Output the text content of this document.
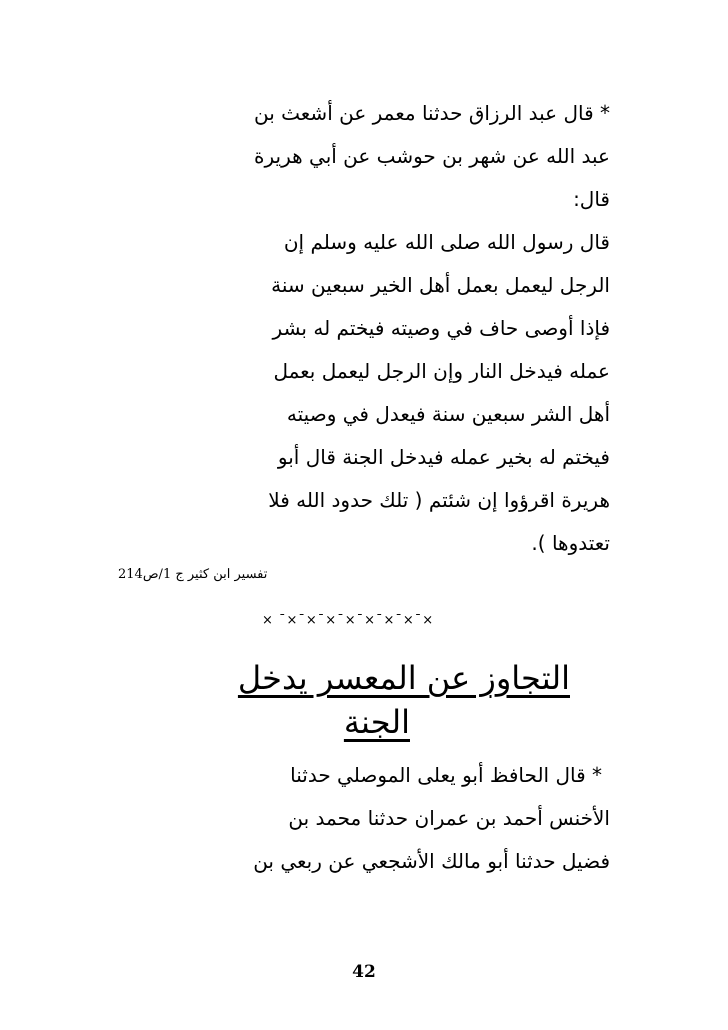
* قال عبد الرزاق حدثنا معمر عن أشعث بن
عبد الله عن شهر بن حوشب عن أبي هريرة
قال:
قال رسول الله صلى الله عليه وسلم إن
الرجل ليعمل بعمل أهل الخير سبعين سنة
فإذا أوصى حاف في وصيته فيختم له بشر
عمله فيدخل النار وإن الرجل ليعمل بعمل
أهل الشر سبعين سنة فيعدل في وصيته
فيختم له بخير عمله فيدخل الجنة قال أبو
هريرة اقرؤوا إن شئتم ( تلك حدود الله فلا
تعتدوها ).
تفسير ابن كثير ج 1/ص214
× ˉ×ˉ×ˉ×ˉ×ˉ×ˉ×ˉ×ˉ×
التجاوز عن المعسر يدخل
الجنة
* قال الحافظ أبو يعلى الموصلي حدثنا
الأخنس أحمد بن عمران حدثنا محمد بن
فضيل حدثنا أبو مالك الأشجعي عن ربعي بن
42
